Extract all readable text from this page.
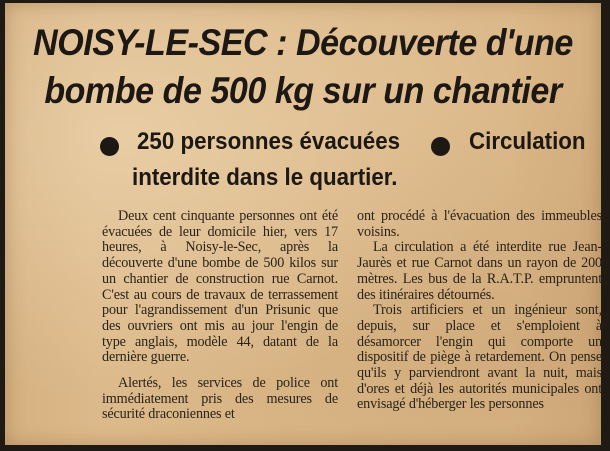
NOISY-LE-SEC : Découverte d'une
bombe de 500 kg sur un chantier
250 personnes évacuées	Circulation
interdite dans le quartier.

Deux cent cinquante personnes ont été évacuées de leur domicile hier, vers 17 heures, à Noisy-le-Sec, après la découverte d'une bombe de 500 kilos sur un chantier de construction rue Carnot. C'est au cours de travaux de terrassement pour l'agrandissement d'un Prisunic que des ouvriers ont mis au jour l'engin de type anglais, modèle 44, datant de la dernière guerre.

Alertés, les services de police ont immédiatement pris des mesures de sécurité draconiennes et

ont procédé à l'évacuation des immeubles voisins.

La circulation a été interdite rue Jean-Jaurès et rue Carnot dans un rayon de 200 mètres. Les bus de la R.A.T.P. empruntent des itinéraires détournés.

Trois artificiers et un ingénieur sont, depuis, sur place et s'emploient à désamorcer l'engin qui comporte un dispositif de piège à retardement. On pense qu'ils y parviendront avant la nuit, mais d'ores et déjà les autorités municipales ont envisagé d'héberger les personnes
